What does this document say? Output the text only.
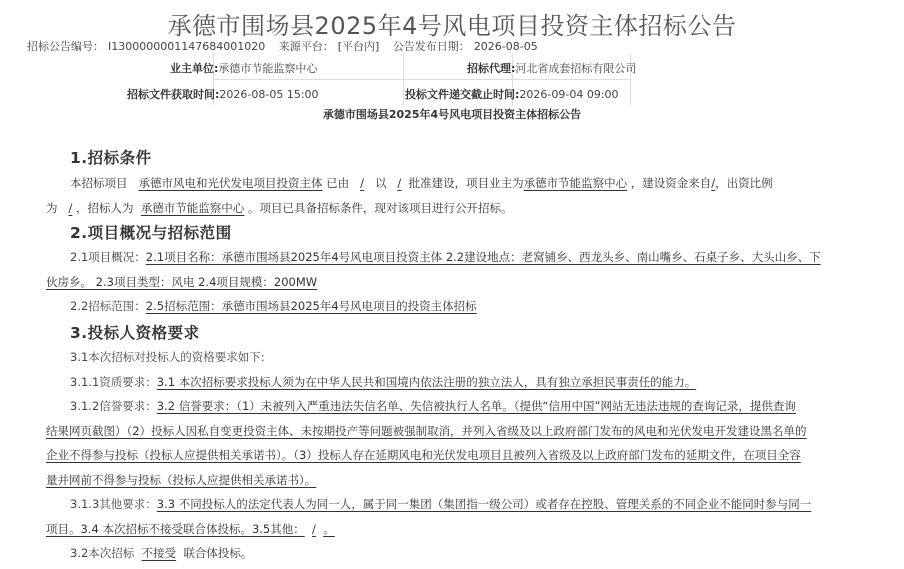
承德市围场县2025年4号风电项目投资主体招标公告
招标公告编号： I1300000001147684001020 来源平台： [平台内] 公告发布日期： 2026-08-05
业主单位:承德市节能监察中心	招标代理:河北省成套招标有限公司
招标文件获取时间:2026-08-05 15:00	投标文件递交截止时间:2026-09-04 09:00
承德市围场县2025年4号风电项目投资主体招标公告
1.招标条件
本招标项目 承德市风电和光伏发电项目投资主体 已由 / 以 / 批准建设，项目业主为承德市节能监察中心 ，建设资金来自/，出资比例
为 / ，招标人为 承德市节能监察中心 。项目已具备招标条件，现对该项目进行公开招标。
2.项目概况与招标范围
2.1项目概况：2.1项目名称：承德市围场县2025年4号风电项目投资主体 2.2建设地点：老窝铺乡、西龙头乡、南山嘴乡、石桌子乡、大头山乡、下
伙房乡。 2.3项目类型：风电 2.4项目规模：200MW
2.2招标范围：2.5招标范围：承德市围场县2025年4号风电项目的投资主体招标
3.投标人资格要求
3.1本次招标对投标人的资格要求如下:
3.1.1资质要求：3.1 本次招标要求投标人须为在中华人民共和国境内依法注册的独立法人，具有独立承担民事责任的能力。
3.1.2信誉要求：3.2 信誉要求：（1）未被列入严重违法失信名单、失信被执行人名单。（提供“信用中国”网站无违法违规的查询记录，提供查询
结果网页截图）（2）投标人因私自变更投资主体、未按期投产等问题被强制取消，并列入省级及以上政府部门发布的风电和光伏发电开发建设黑名单的
企业不得参与投标（投标人应提供相关承诺书）。（3）投标人存在延期风电和光伏发电项目且被列入省级及以上政府部门发布的延期文件，在项目全容
量并网前不得参与投标（投标人应提供相关承诺书）。
3.1.3其他要求：3.3 不同投标人的法定代表人为同一人，属于同一集团（集团指一级公司）或者存在控股、管理关系的不同企业不能同时参与同一
项目。3.4 本次招标不接受联合体投标。3.5其他： / 。
3.2本次招标 不接受 联合体投标。
